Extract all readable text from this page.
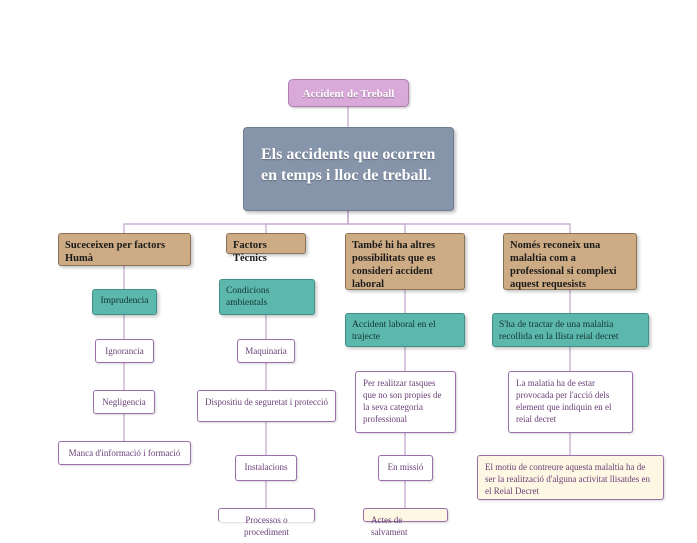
Accident de Treball
Els accidents que ocorren en temps i lloc de treball.
Suceceixen per factors Humà
Imprudencia
Ignorancia
Negligencia
Manca d'informació i formació
Factors Tècnics
Condicions ambientals
Maquinaria
Dispositiu de seguretat i protecció
Instalacions
Processos o procediment
També hi ha altres possibilitats que es considerí accident laboral
Accident laboral en el trajecte
Per realitzar tasques que no son propies de la seva categoria professional
En missió
Actes de salvament
Només reconeix una malaltia com a professional si complexi aquest requesists
S'ha de tractar de una malaltia recollida en la llista reial decret
La malatia ha de estar provocada per l'acció dels element que indiquin en el reial decret
El motiu de contreure aquesta malaltia ha de ser la realització d'alguna activitat llisatdes en el Reial Decret
